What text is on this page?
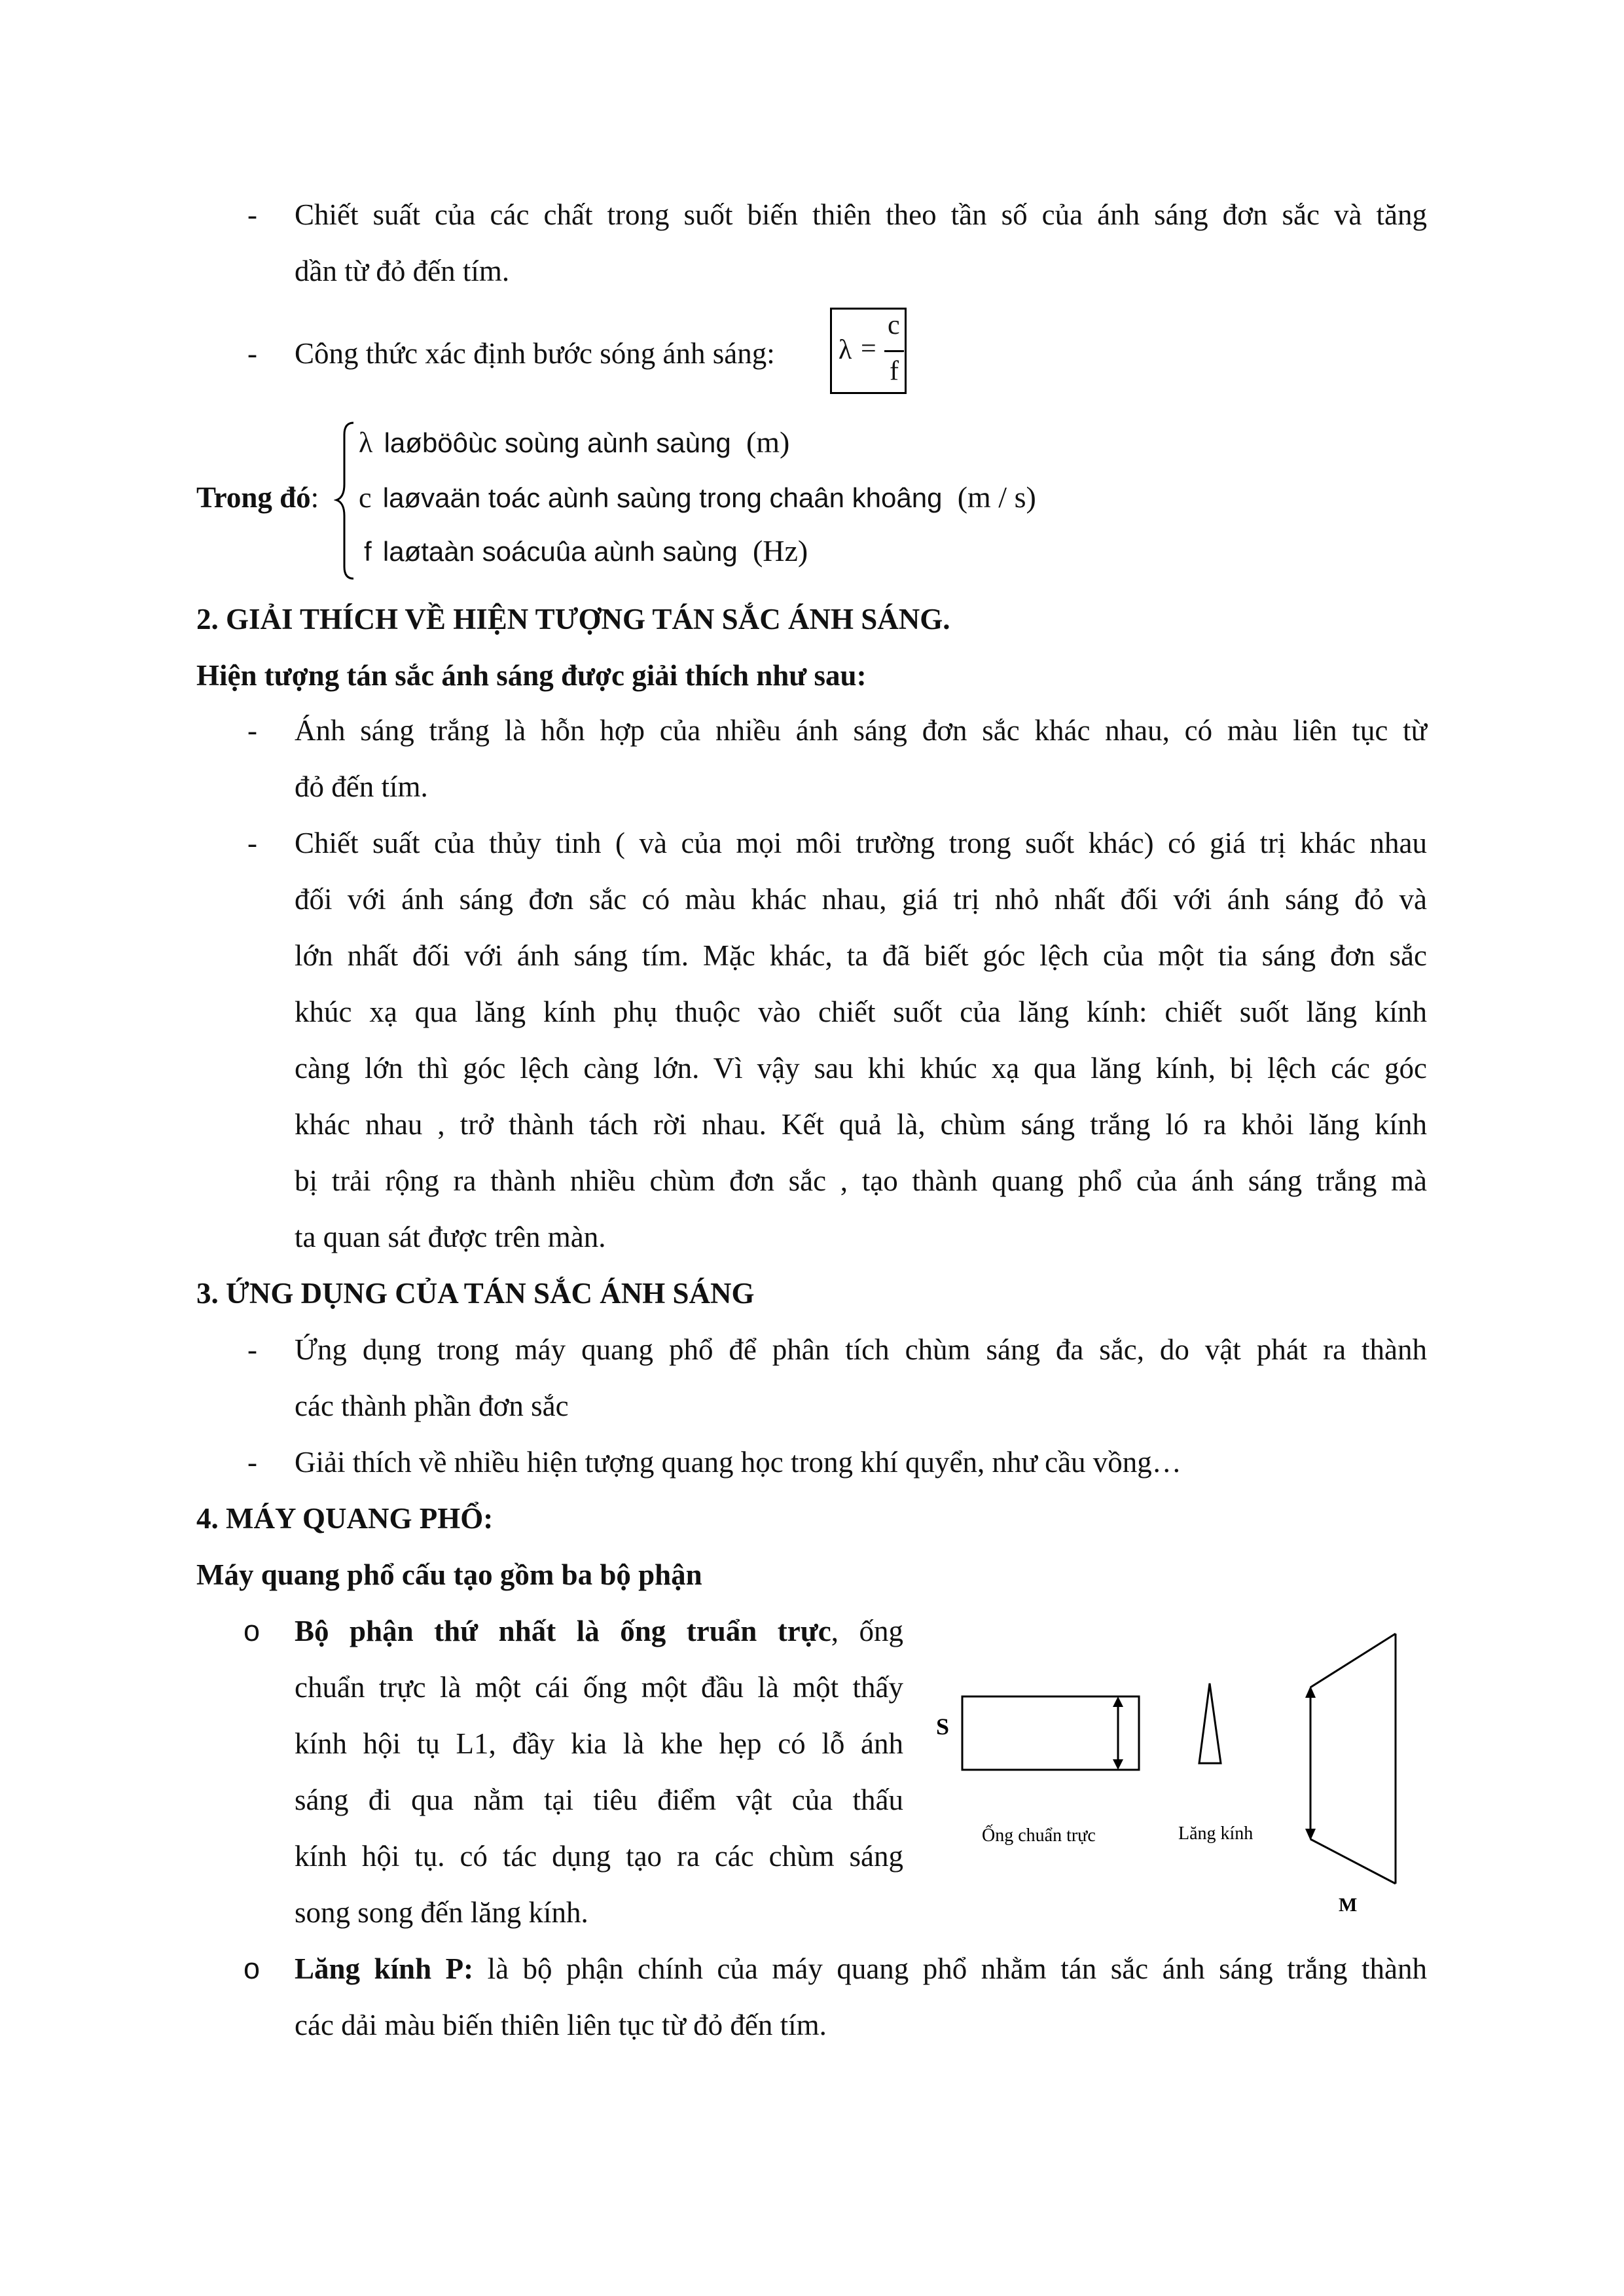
- Chiết suất của các chất trong suốt biến thiên theo tần số của ánh sáng đơn sắc và tăng
dần từ đỏ đến tím.
- Công thức xác định bước sóng ánh sáng: λ =
c
f
Trong đó:
λ laøböôùc soùng aùnh saùng (m)
c laøvaän toác aùnh saùng trong chaân khoâng (m / s)
f laøtaàn soácuûa aùnh saùng (Hz)
2. GIẢI THÍCH VỀ HIỆN TƯỢNG TÁN SẮC ÁNH SÁNG.
Hiện tượng tán sắc ánh sáng được giải thích như sau:
- Ánh sáng trắng là hỗn hợp của nhiều ánh sáng đơn sắc khác nhau, có màu liên tục từ
đỏ đến tím.
- Chiết suất của thủy tinh ( và của mọi môi trường trong suốt khác) có giá trị khác nhau
đối với ánh sáng đơn sắc có màu khác nhau, giá trị nhỏ nhất đối với ánh sáng đỏ và
lớn nhất đối với ánh sáng tím. Mặc khác, ta đã biết góc lệch của một tia sáng đơn sắc
khúc xạ qua lăng kính phụ thuộc vào chiết suốt của lăng kính: chiết suốt lăng kính
càng lớn thì góc lệch càng lớn. Vì vậy sau khi khúc xạ qua lăng kính, bị lệch các góc
khác nhau , trở thành tách rời nhau. Kết quả là, chùm sáng trắng ló ra khỏi lăng kính
bị trải rộng ra thành nhiều chùm đơn sắc , tạo thành quang phổ của ánh sáng trắng mà
ta quan sát được trên màn.
3. ỨNG DỤNG CỦA TÁN SẮC ÁNH SÁNG
- Ứng dụng trong máy quang phổ để phân tích chùm sáng đa sắc, do vật phát ra thành
các thành phần đơn sắc
- Giải thích về nhiều hiện tượng quang học trong khí quyển, như cầu vồng…
4. MÁY QUANG PHỔ:
Máy quang phổ cấu tạo gồm ba bộ phận
o Bộ phận thứ nhất là ống truẩn trực, ống
chuẩn trực là một cái ống một đầu là một thấy
kính hội tụ L1, đầy kia là khe hẹp có lỗ ánh
sáng đi qua nằm tại tiêu điểm vật của thấu
kính hội tụ. có tác dụng tạo ra các chùm sáng
song song đến lăng kính.
S
Ống chuẩn trực	Lăng kính
M
o Lăng kính P: là bộ phận chính của máy quang phổ nhằm tán sắc ánh sáng trắng thành
các dải màu biến thiên liên tục từ đỏ đến tím.
